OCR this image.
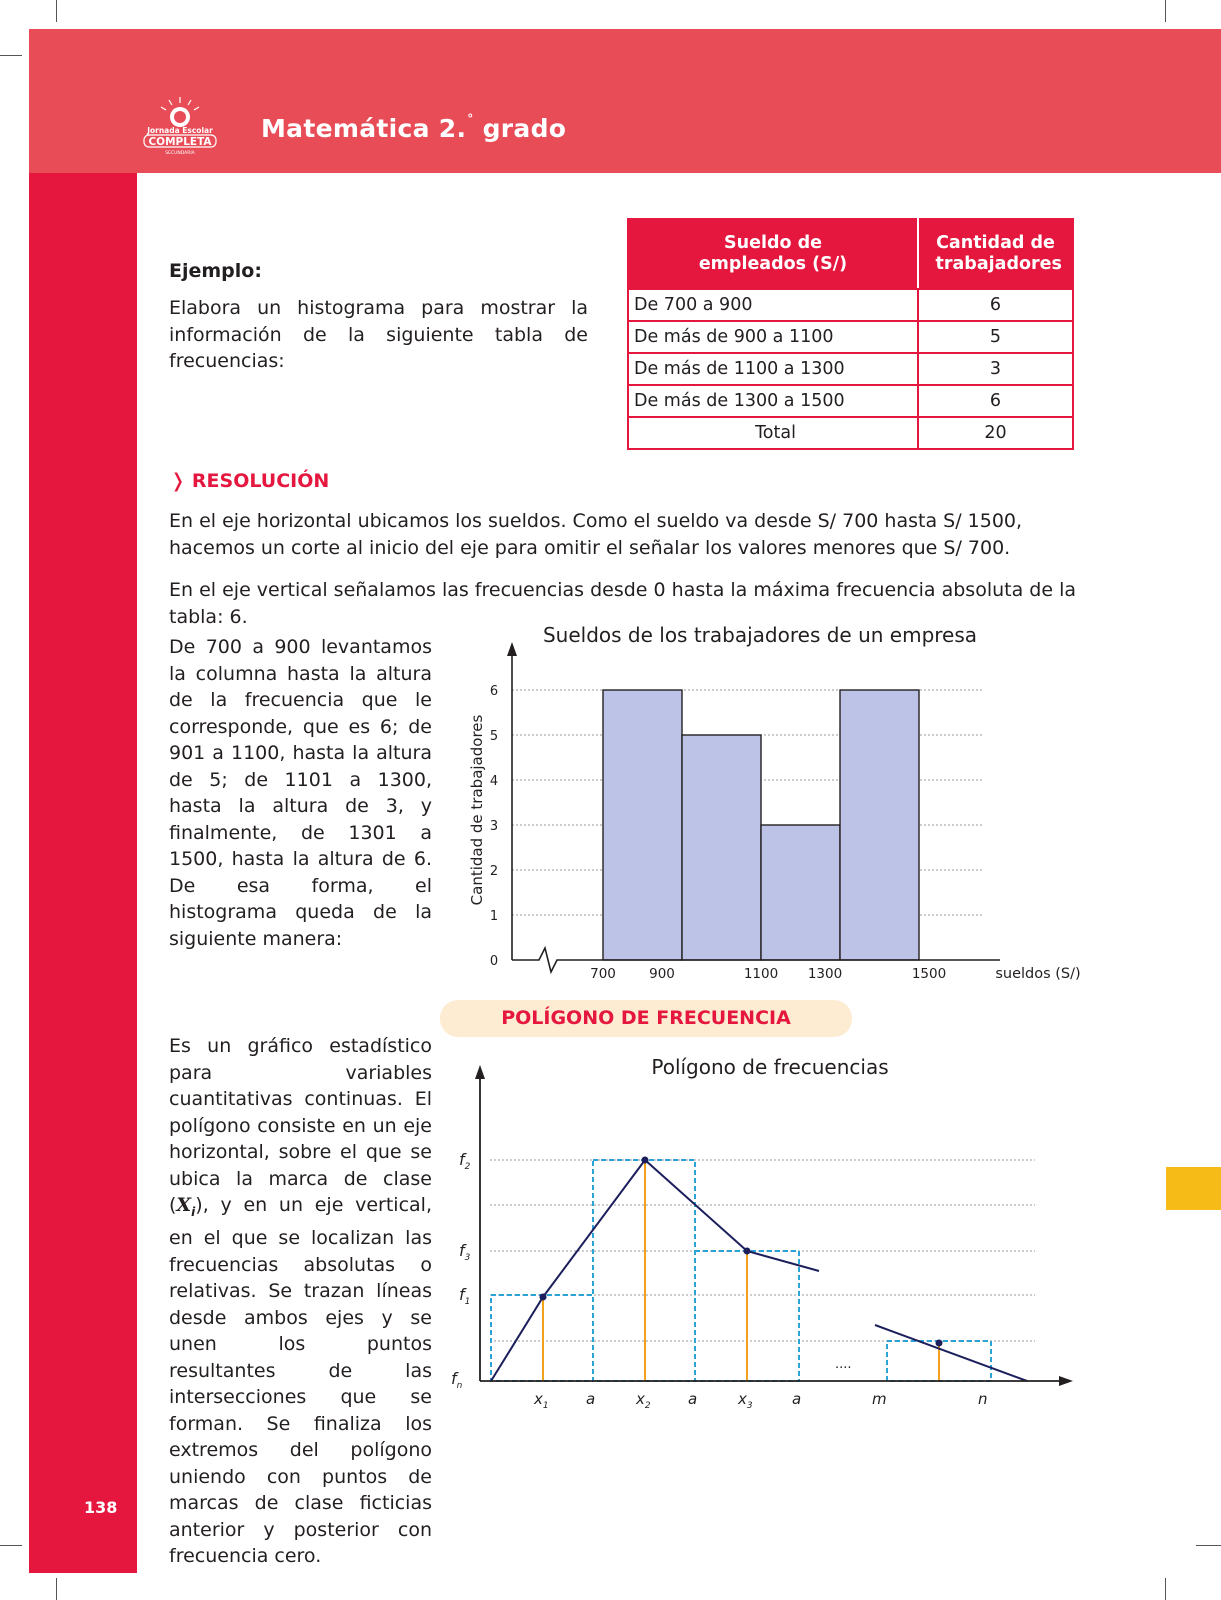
Jornada Escolar
COMPLETA
SECUNDARIA
Matemática 2.° grado
138
Ejemplo:
Elabora un histograma para mostrar la información de la siguiente tabla de frecuencias:
Sueldo de empleados (S/)	Cantidad de trabajadores

De 700 a 900	6
De más de 900 a 1100	5
De más de 1100 a 1300	3
De más de 1300 a 1500	6
Total	20
❭ RESOLUCIÓN
En el eje horizontal ubicamos los sueldos. Como el sueldo va desde S/ 700 hasta S/ 1500, hacemos un corte al inicio del eje para omitir el señalar los valores menores que S/ 700.
En el eje vertical señalamos las frecuencias desde 0 hasta la máxima frecuencia absoluta de la tabla: 6.
De 700 a 900 levantamos la columna hasta la altura de la frecuencia que le corresponde, que es 6; de 901 a 1100, hasta la altura de 5; de 1101 a 1300, hasta la altura de 3, y finalmente, de 1301 a 1500, hasta la altura de 6. De esa forma, el histograma queda de la siguiente manera:
Sueldos de los trabajadores de un empresa
0
1
2
3
4
5
6
700 900	1100 1300	1500
Cantidad de trabajadores
sueldos (S/)
POLÍGONO DE FRECUENCIA
Es un gráfico estadístico para variables cuantitativas continuas. El polígono consiste en un eje horizontal, sobre el que se ubica la marca de clase $(X_i)$, y en un eje vertical, en el que se localizan las frecuencias absolutas o relativas. Se trazan líneas desde ambos ejes y se unen los puntos resultantes de las intersecciones que se forman. Se finaliza los extremos del polígono uniendo con puntos de marcas de clase ficticias anterior y posterior con frecuencia cero.
Polígono de frecuencias
....
$f_2$
$f_3$
$f_1$
$f_n$
$x_1$ a	$x_2$ a	$x_3$	a	m	n
